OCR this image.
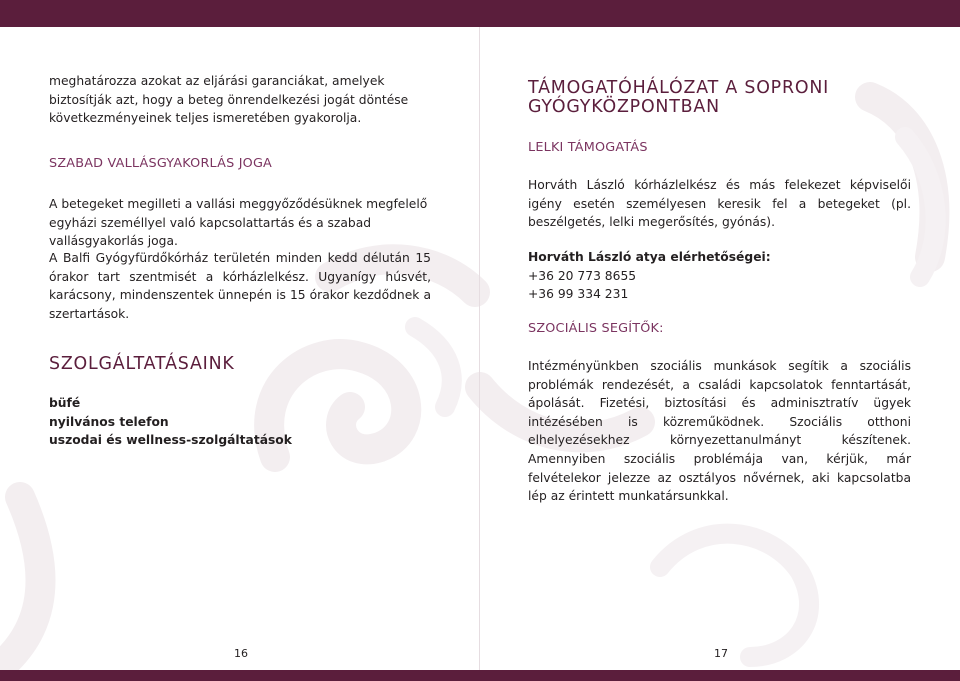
meghatározza azokat az eljárási garanciákat, amelyek biztosítják azt, hogy a beteg önrendelkezési jogát döntése következményeinek teljes ismeretében gyakorolja.

SZABAD VALLÁSGYAKORLÁS JOGA

A betegeket megilleti a vallási meggyőződésüknek megfelelő egyházi személlyel való kapcsolattartás és a szabad vallásgyakorlás joga.

A Balfi Gyógyfürdőkórház területén minden kedd délután 15 órakor tart szentmisét a kórházlelkész. Ugyanígy húsvét, karácsony, mindenszentek ünnepén is 15 órakor kezdődnek a szertartások.

SZOLGÁLTATÁSAINK

büfé

nyilvános telefon

uszodai és wellness-szolgáltatások

16
TÁMOGATÓHÁLÓZAT A SOPRONI GYÓGYKÖZPONTBAN
LELKI TÁMOGATÁS

Horváth László kórházlelkész és más felekezet képviselői igény esetén személyesen keresik fel a betegeket (pl. beszélgetés, lelki megerősítés, gyónás).

Horváth László atya elérhetőségei:

+36 20 773 8655

+36 99 334 231

SZOCIÁLIS SEGÍTŐK:

Intézményünkben szociális munkások segítik a szociális problémák rendezését, a családi kapcsolatok fenntartását, ápolását. Fizetési, biztosítási és adminisztratív ügyek intézésében is közreműködnek. Szociális otthoni elhelyezésekhez környezettanulmányt készítenek. Amennyiben szociális problémája van, kérjük, már felvételekor jelezze az osztályos nővérnek, aki kapcsolatba lép az érintett munkatársunkkal.

17
